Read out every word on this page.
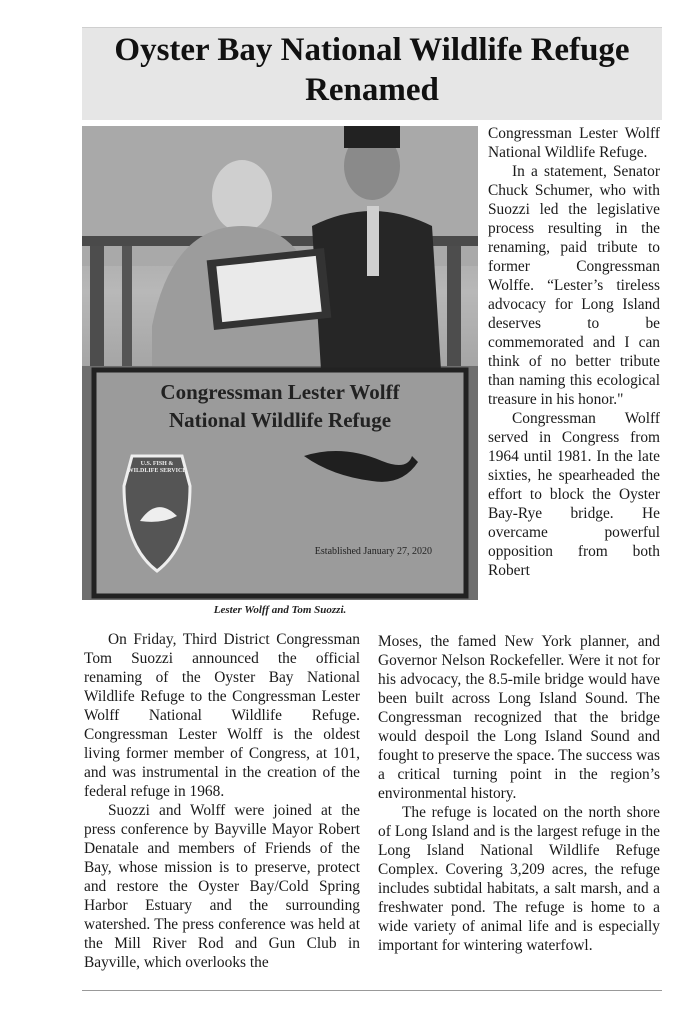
Oyster Bay National Wildlife Refuge Renamed
Congressman Lester Wolff
National Wildlife Refuge
U.S. FISH & WILDLIFE SERVICE
Established January 27, 2020
Lester Wolff and Tom Suozzi.

Congressman Lester Wolff National Wildlife Refuge.

In a statement, Senator Chuck Schumer, who with Suozzi led the legislative process resulting in the renaming, paid tribute to former Congressman Wolffe. “Lester’s tireless advocacy for Long Island deserves to be commemorated and I can think of no better tribute than naming this ecological treasure in his honor."

Congressman Wolff served in Congress from 1964 until 1981. In the late sixties, he spearheaded the effort to block the Oyster Bay-Rye bridge. He overcame powerful opposition from both Robert

On Friday, Third District Congressman Tom Suozzi announced the official renaming of the Oyster Bay National Wildlife Refuge to the Congressman Lester Wolff National Wildlife Refuge. Congressman Lester Wolff is the oldest living former member of Congress, at 101, and was instrumental in the creation of the federal refuge in 1968.

Suozzi and Wolff were joined at the press conference by Bayville Mayor Robert Denatale and members of Friends of the Bay, whose mission is to preserve, protect and restore the Oyster Bay/Cold Spring Harbor Estuary and the surrounding watershed. The press conference was held at the Mill River Rod and Gun Club in Bayville, which overlooks the

Moses, the famed New York planner, and Governor Nelson Rockefeller. Were it not for his advocacy, the 8.5-mile bridge would have been built across Long Island Sound. The Congressman recognized that the bridge would despoil the Long Island Sound and fought to preserve the space. The success was a critical turning point in the region’s environmental history.

The refuge is located on the north shore of Long Island and is the largest refuge in the Long Island National Wildlife Refuge Complex. Covering 3,209 acres, the refuge includes subtidal habitats, a salt marsh, and a freshwater pond. The refuge is home to a wide variety of animal life and is especially important for wintering waterfowl.
